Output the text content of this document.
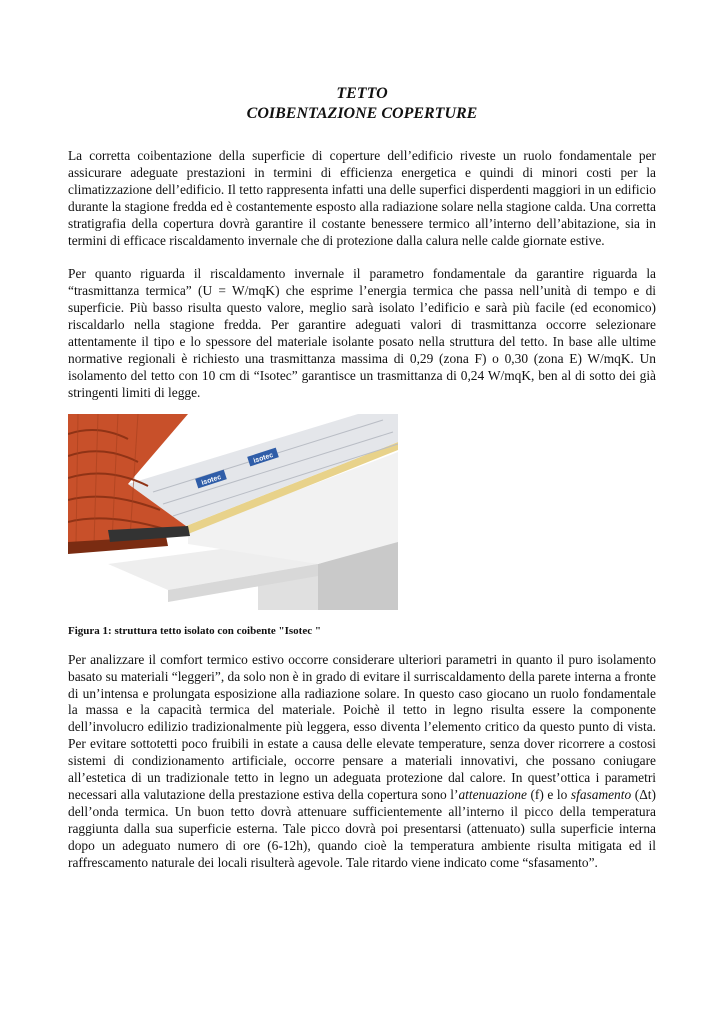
TETTO
COIBENTAZIONE COPERTURE

La corretta coibentazione della superficie di coperture dell’edificio riveste un ruolo fondamentale per assicurare adeguate prestazioni in termini di efficienza energetica e quindi di minori costi per la climatizzazione dell’edificio. Il tetto rappresenta infatti una delle superfici disperdenti maggiori in un edificio durante la stagione fredda ed è costantemente esposto alla radiazione solare nella stagione calda. Una corretta stratigrafia della copertura dovrà garantire il costante benessere termico all’interno dell’abitazione, sia in termini di efficace riscaldamento invernale che di protezione dalla calura nelle calde giornate estive.

Per quanto riguarda il riscaldamento invernale il parametro fondamentale da garantire riguarda la “trasmittanza termica” (U = W/mqK) che esprime l’energia termica che passa nell’unità di tempo e di superficie. Più basso risulta questo valore, meglio sarà isolato l’edificio e sarà più facile (ed economico) riscaldarlo nella stagione fredda. Per garantire adeguati valori di trasmittanza occorre selezionare attentamente il tipo e lo spessore del materiale isolante posato nella struttura del tetto. In base alle ultime normative regionali è richiesto una trasmittanza massima di 0,29 (zona F) o 0,30 (zona E) W/mqK. Un isolamento del tetto con 10 cm di “Isotec” garantisce un trasmittanza di 0,24 W/mqK, ben al di sotto dei già stringenti limiti di legge.

isotec
isotec
Figura 1: struttura tetto isolato con coibente "Isotec "

Per analizzare il comfort termico estivo occorre considerare ulteriori parametri in quanto il puro isolamento basato su materiali “leggeri”, da solo non è in grado di evitare il surriscaldamento della parete interna a fronte di un’intensa e prolungata esposizione alla radiazione solare. In questo caso giocano un ruolo fondamentale la massa e la capacità termica del materiale. Poichè il tetto in legno risulta essere la componente dell’involucro edilizio tradizionalmente più leggera, esso diventa l’elemento critico da questo punto di vista. Per evitare sottotetti poco fruibili in estate a causa delle elevate temperature, senza dover ricorrere a costosi sistemi di condizionamento artificiale, occorre pensare a materiali innovativi, che possano coniugare all’estetica di un tradizionale tetto in legno un adeguata protezione dal calore. In quest’ottica i parametri necessari alla valutazione della prestazione estiva della copertura sono l’attenuazione (f) e lo sfasamento (Δt) dell’onda termica. Un buon tetto dovrà attenuare sufficientemente all’interno il picco della temperatura raggiunta dalla sua superficie esterna. Tale picco dovrà poi presentarsi (attenuato) sulla superficie interna dopo un adeguato numero di ore (6-12h), quando cioè la temperatura ambiente risulta mitigata ed il raffrescamento naturale dei locali risulterà agevole. Tale ritardo viene indicato come “sfasamento”.
